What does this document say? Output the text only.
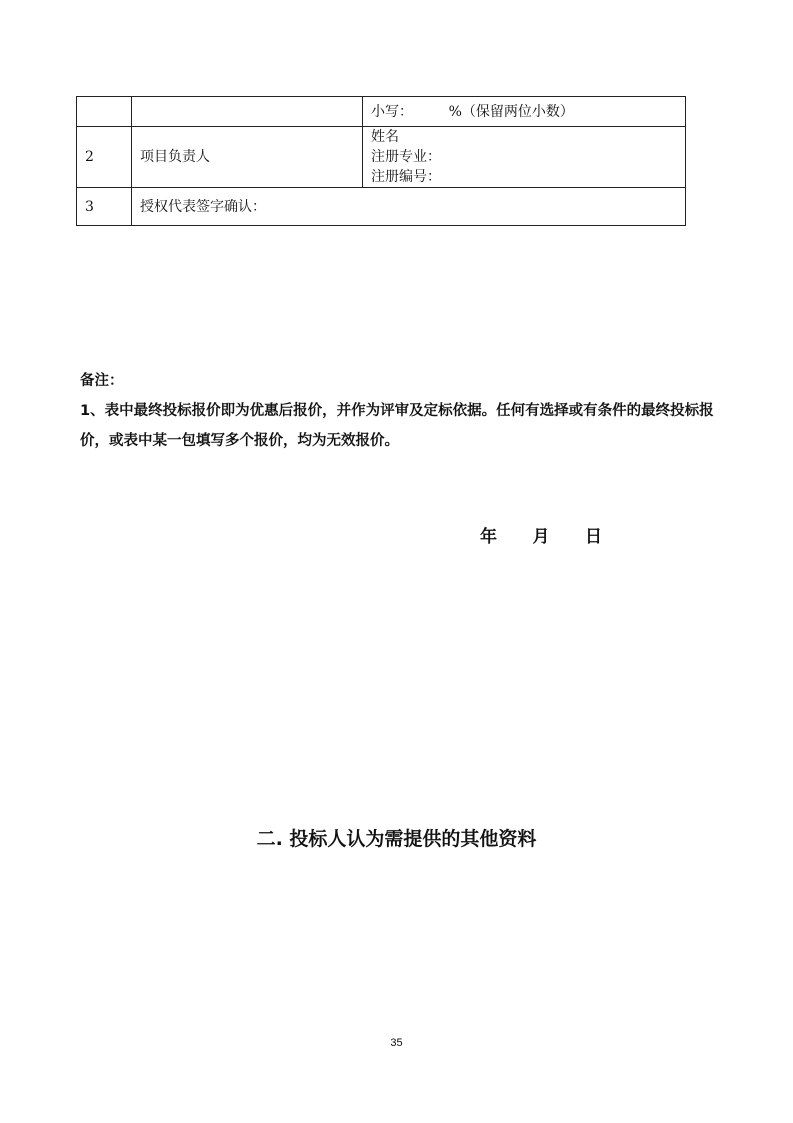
		小写：        %（保留两位小数）

2	项目负责人	姓名
注册专业：
注册编号：

3	授权代表签字确认：	
备注：
1、表中最终投标报价即为优惠后报价，并作为评审及定标依据。任何有选择或有条件的最终投标报价，或表中某一包填写多个报价，均为无效报价。
年      月      日
二. 投标人认为需提供的其他资料
35
